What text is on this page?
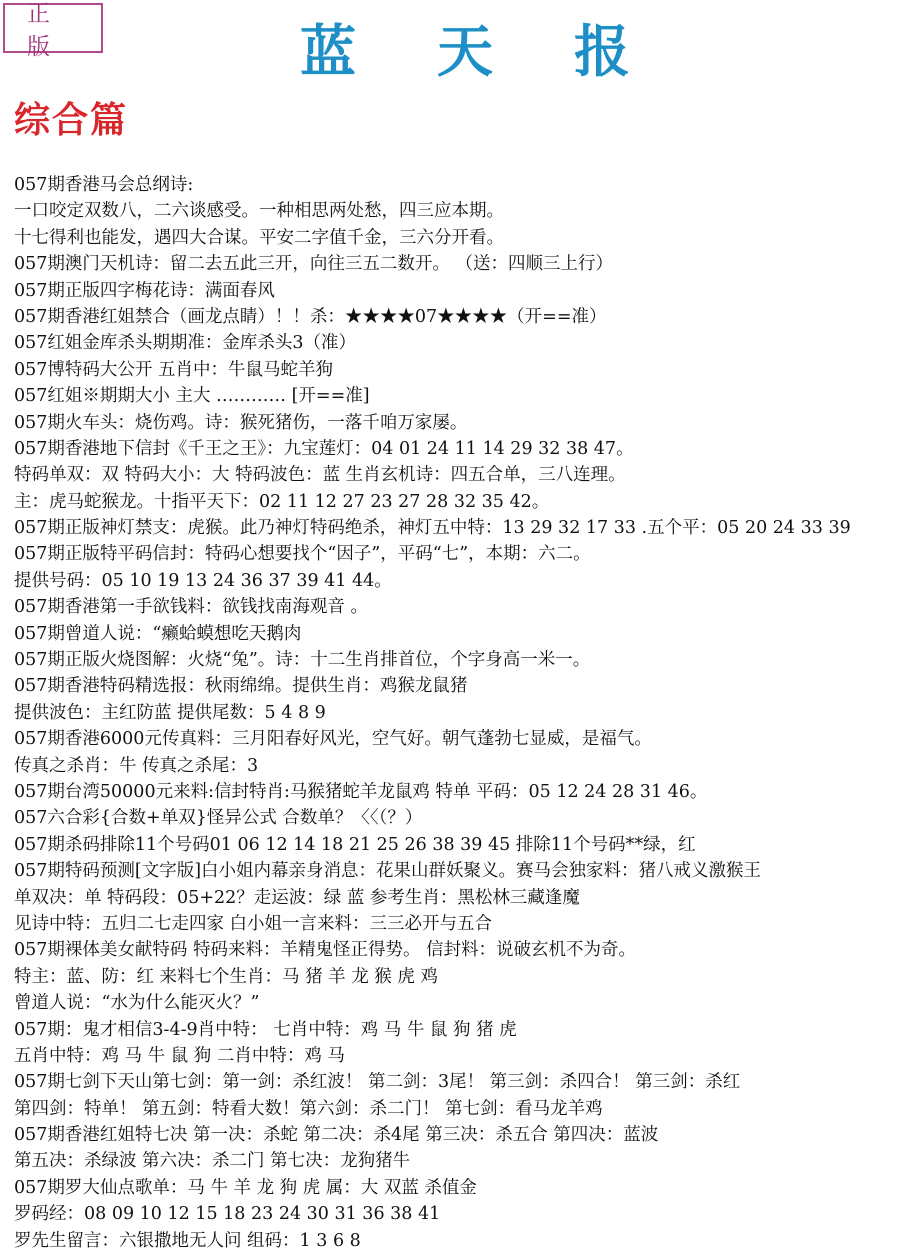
正 版	蓝 天 报
综合篇
057期香港马会总纲诗:
一口咬定双数八，二六谈感受。一种相思两处愁，四三应本期。
十七得利也能发，遇四大合谋。平安二字值千金，三六分开看。
057期澳门天机诗：留二去五此三开，向往三五二数开。 （送：四顺三上行）
057期正版四字梅花诗：满面春风
057期香港红姐禁合（画龙点睛）！！杀：★★★★07★★★★（开==准）
057红姐金库杀头期期准：金库杀头3（准）
057博特码大公开 五肖中：牛鼠马蛇羊狗
057红姐※期期大小 主大 ………… [开==准]
057期火车头：烧伤鸡。诗：猴死猪伤，一落千咱万家屡。
057期香港地下信封《千王之王》：九宝莲灯：04 01 24 11 14 29 32 38 47。
特码单双：双 特码大小：大 特码波色：蓝 生肖玄机诗：四五合单，三八连理。
主：虎马蛇猴龙。十指平天下：02 11 12 27 23 27 28 32 35 42。
057期正版神灯禁支：虎猴。此乃神灯特码绝杀，神灯五中特：13 29 32 17 33 .五个平：05 20 24 33 39
057期正版特平码信封：特码心想要找个“因子”，平码“七”，本期：六二。
提供号码：05 10 19 13 24 36 37 39 41 44。
057期香港第一手欲钱料：欲钱找南海观音 。
057期曾道人说：“癞蛤蟆想吃天鹅肉
057期正版火烧图解：火烧“兔”。诗：十二生肖排首位，个字身高一米一。
057期香港特码精选报：秋雨绵绵。提供生肖：鸡猴龙鼠猪
提供波色：主红防蓝 提供尾数：5 4 8 9
057期香港6000元传真料：三月阳春好风光，空气好。朝气蓬勃七显威，是福气。
传真之杀肖：牛 传真之杀尾：3
057期台湾50000元来料:信封特肖:马猴猪蛇羊龙鼠鸡 特单 平码：05 12 24 28 31 46。
057六合彩{合数+单双}怪异公式 合数单？〈〈（？）
057期杀码排除11个号码01 06 12 14 18 21 25 26 38 39 45 排除11个号码**绿，红
057期特码预测[文字版]白小姐内幕亲身消息：花果山群妖聚义。赛马会独家料：猪八戒义激猴王
单双决：单 特码段：05+22？走运波：绿 蓝 参考生肖：黑松林三藏逢魔
见诗中特：五归二七走四家 白小姐一言来料：三三必开与五合
057期裸体美女献特码 特码来料：羊精鬼怪正得势。 信封料：说破玄机不为奇。
特主：蓝、防：红 来料七个生肖：马 猪 羊 龙 猴 虎 鸡
曾道人说：“水为什么能灭火？”
057期：鬼才相信3-4-9肖中特： 七肖中特：鸡 马 牛 鼠 狗 猪 虎
五肖中特：鸡 马 牛 鼠 狗 二肖中特：鸡 马
057期七剑下天山第七剑：第一剑：杀红波！ 第二剑：3尾！ 第三剑：杀四合！ 第三剑：杀红
第四剑：特单！ 第五剑：特看大数！第六剑：杀二门！ 第七剑：看马龙羊鸡
057期香港红姐特七决 第一决：杀蛇 第二决：杀4尾 第三决：杀五合 第四决：蓝波
第五决：杀绿波 第六决：杀二门 第七决：龙狗猪牛
057期罗大仙点歌单：马 牛 羊 龙 狗 虎 属：大 双蓝 杀值金
罗码经：08 09 10 12 15 18 23 24 30 31 36 38 41
罗先生留言：六银撒地无人问 组码：1 3 6 8
